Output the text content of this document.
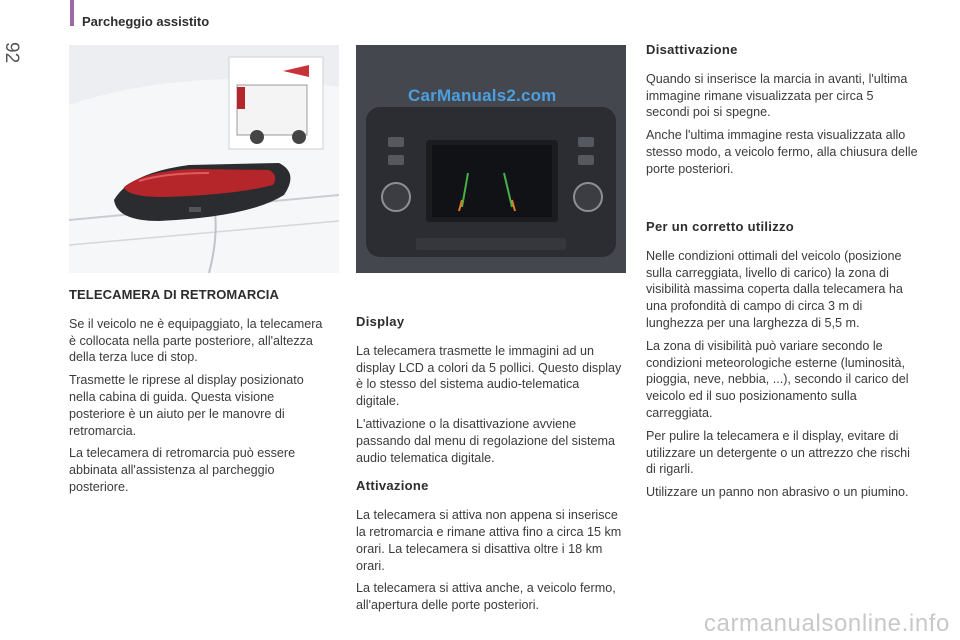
Parcheggio assistito
92
CarManuals2.com

TELECAMERA DI RETROMARCIA

Se il veicolo ne è equipaggiato, la telecamera è collocata nella parte posteriore, all'altezza della terza luce di stop.

Trasmette le riprese al display posizionato nella cabina di guida. Questa visione posteriore è un aiuto per le manovre di retromarcia.

La telecamera di retromarcia può essere abbinata all'assistenza al parcheggio posteriore.

Display

La telecamera trasmette le immagini ad un display LCD a colori da 5 pollici. Questo display è lo stesso del sistema audio-telematica digitale.

L'attivazione o la disattivazione avviene passando dal menu di regolazione del sistema audio telematica digitale.

Attivazione

La telecamera si attiva non appena si inserisce la retromarcia e rimane attiva fino a circa 15 km orari. La telecamera si disattiva oltre i 18 km orari.

La telecamera si attiva anche, a veicolo fermo, all'apertura delle porte posteriori.

Disattivazione

Quando si inserisce la marcia in avanti, l'ultima immagine rimane visualizzata per circa 5 secondi poi si spegne.

Anche l'ultima immagine resta visualizzata allo stesso modo, a veicolo fermo, alla chiusura delle porte posteriori.

Per un corretto utilizzo

Nelle condizioni ottimali del veicolo (posizione sulla carreggiata, livello di carico) la zona di visibilità massima coperta dalla telecamera ha una profondità di campo di circa 3 m di lunghezza per una larghezza di 5,5 m.

La zona di visibilità può variare secondo le condizioni meteorologiche esterne (luminosità, pioggia, neve, nebbia, ...), secondo il carico del veicolo ed il suo posizionamento sulla carreggiata.

Per pulire la telecamera e il display, evitare di utilizzare un detergente o un attrezzo che rischi di rigarli.

Utilizzare un panno non abrasivo o un piumino.

carmanualsonline.info
